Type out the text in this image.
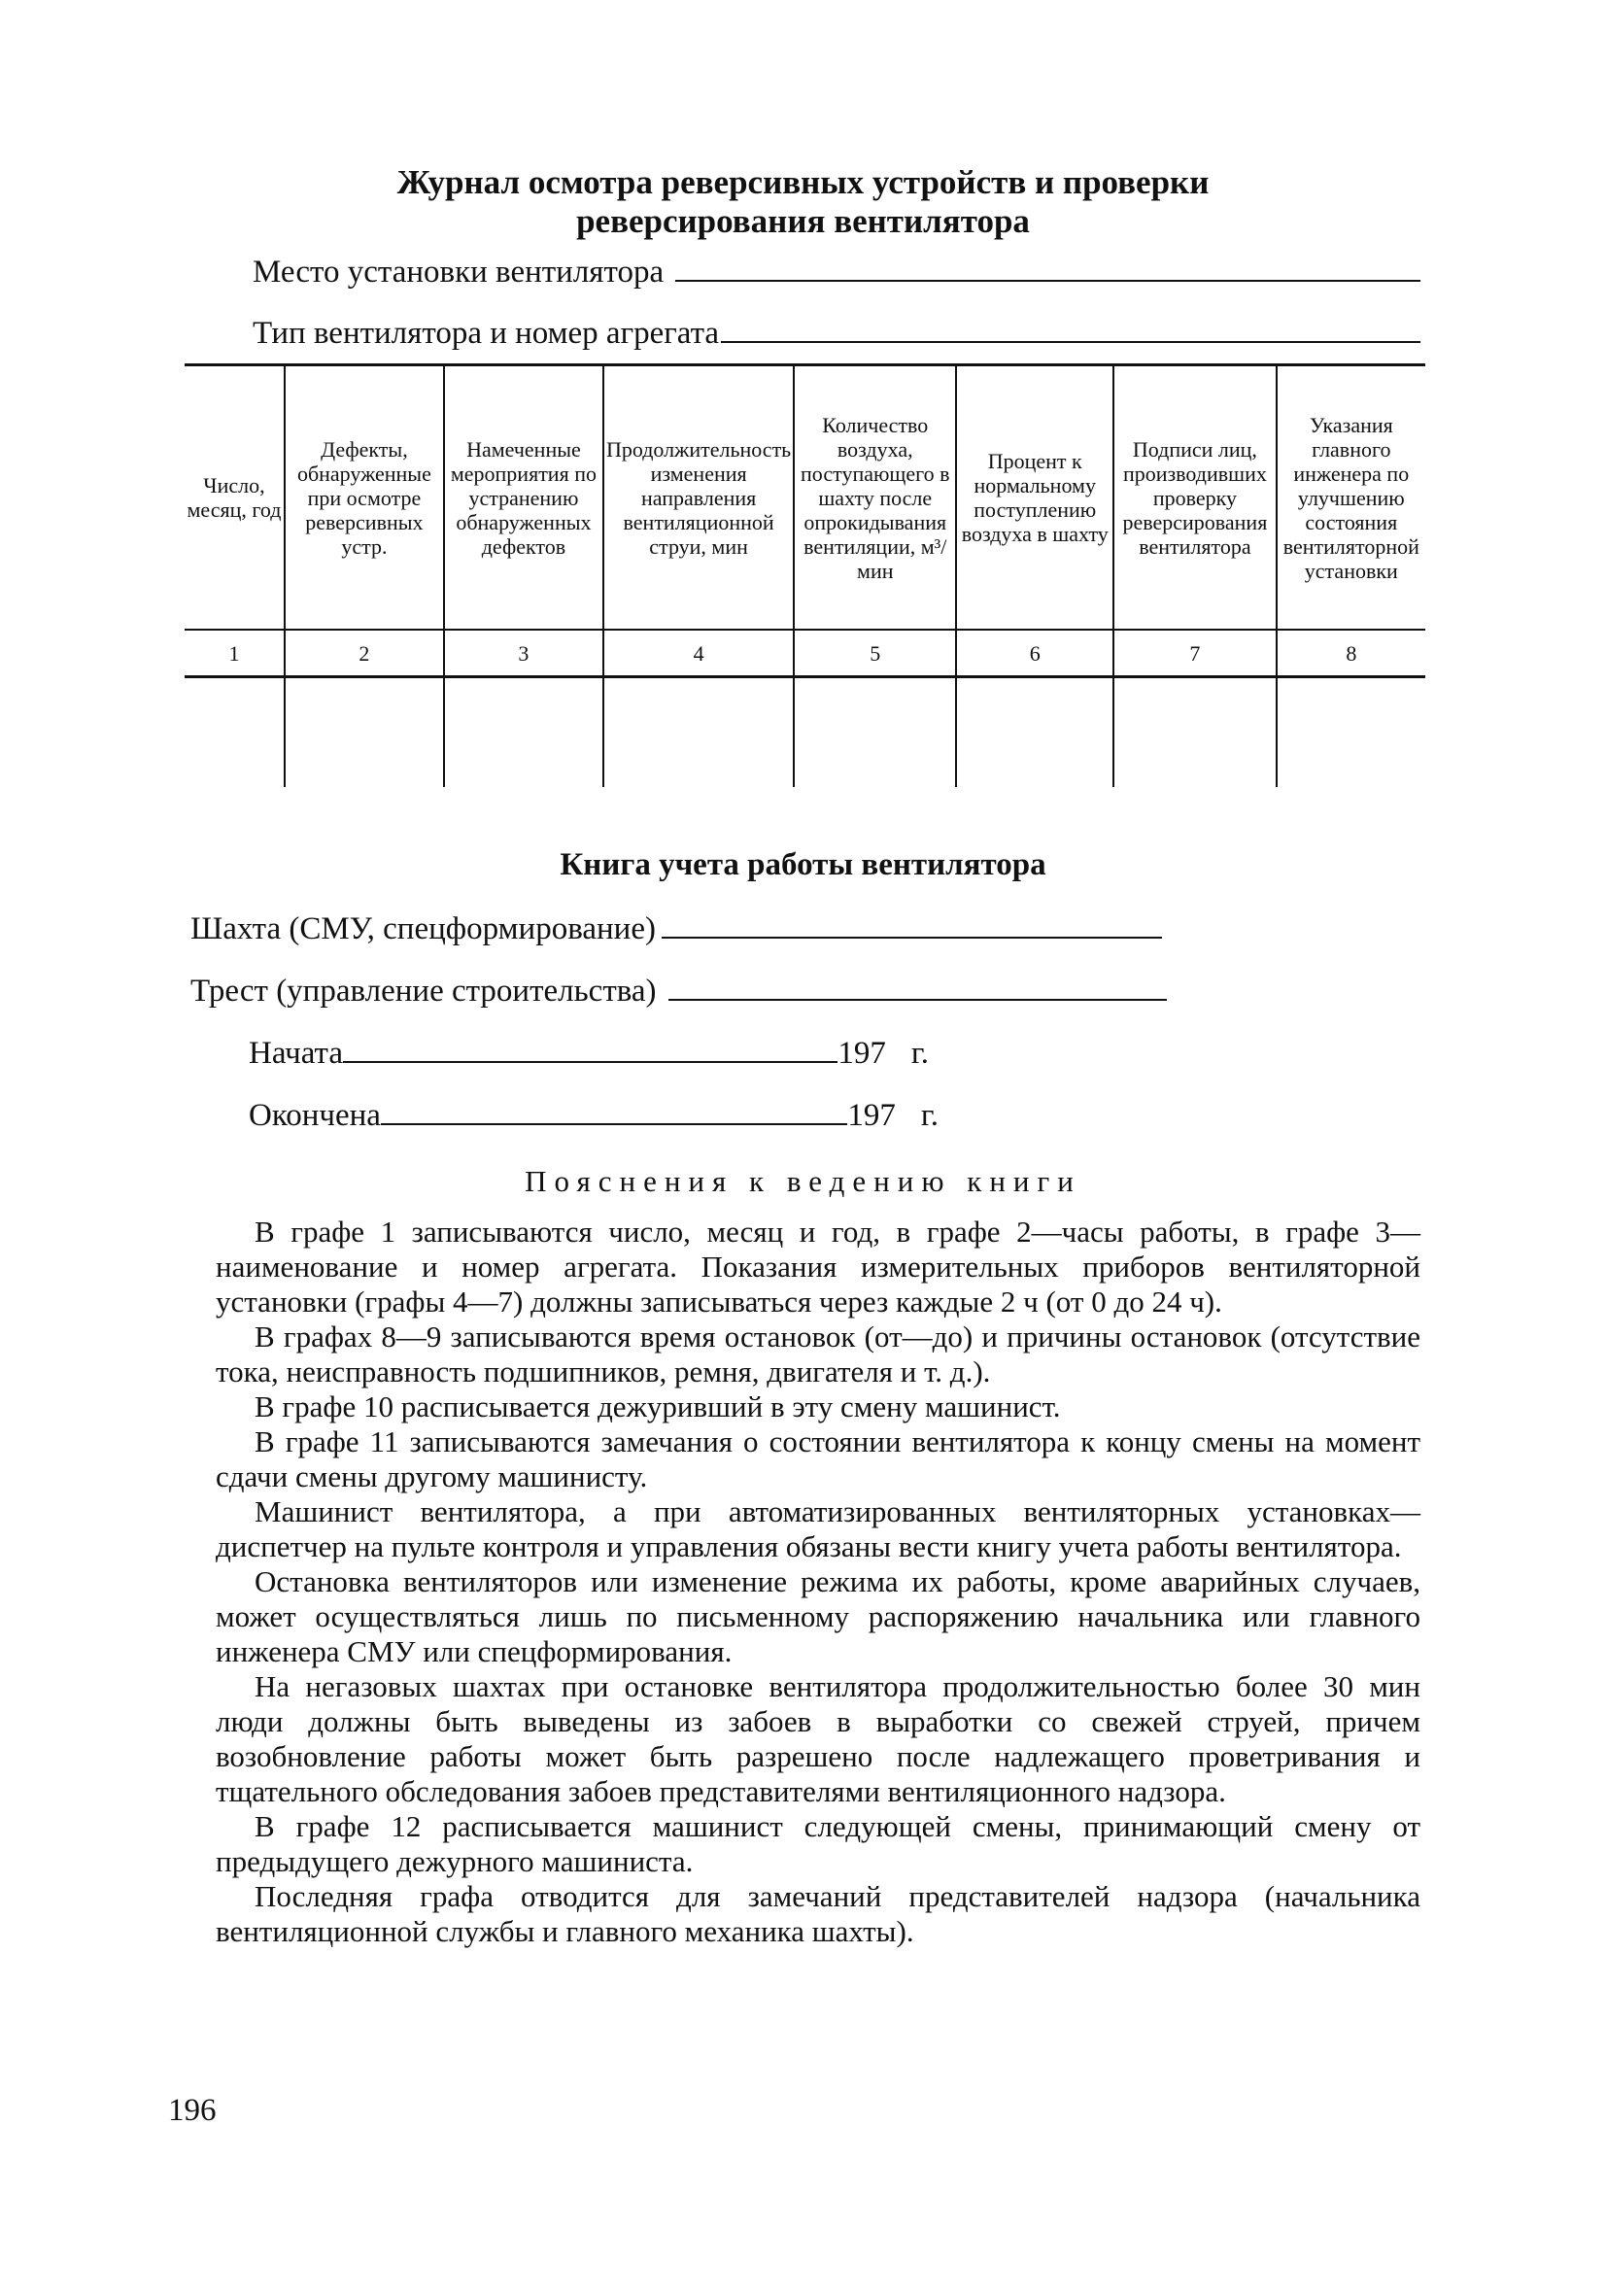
Журнал осмотра реверсивных устройств и проверки
реверсирования вентилятора
Место установки вентилятора
Тип вентилятора и номер агрегата
Число, месяц, год	Дефекты, обнаруженные при осмотре реверсивных устр.	Намеченные мероприятия по устранению обнаруженных дефектов	Продолжительность изменения направления вентиляционной струи, мин	Количество воздуха, поступающего в шахту после опрокидывания вентиляции, м³/мин	Процент к нормальному поступлению воздуха в шахту	Подписи лиц, производивших проверку реверсирования вентилятора	Указания главного инженера по улучшению состояния вентиляторной установки
1	2	3	4	5	6	7	8

Книга учета работы вентилятора
Шахта (СМУ, спецформирование)
Трест (управление строительства)
Начата	197 г.
Окончена	197 г.
Пояснения к ведению книги

В графе 1 записываются число, месяц и год, в графе 2—часы работы, в графе 3—наименование и номер агрегата. Показания измерительных приборов вентиляторной установки (графы 4—7) должны записываться через каждые 2 ч (от 0 до 24 ч).

В графах 8—9 записываются время остановок (от—до) и причины остановок (отсутствие тока, неисправность подшипников, ремня, двигателя и т. д.).

В графе 10 расписывается дежуривший в эту смену машинист.

В графе 11 записываются замечания о состоянии вентилятора к концу смены на момент сдачи смены другому машинисту.

Машинист вентилятора, а при автоматизированных вентиляторных установках—диспетчер на пульте контроля и управления обязаны вести книгу учета работы вентилятора.

Остановка вентиляторов или изменение режима их работы, кроме аварийных случаев, может осуществляться лишь по письменному распоряжению начальника или главного инженера СМУ или спецформирования.

На негазовых шахтах при остановке вентилятора продолжительностью более 30 мин люди должны быть выведены из забоев в выработки со свежей струей, причем возобновление работы может быть разрешено после надлежащего проветривания и тщательного обследования забоев представителями вентиляционного надзора.

В графе 12 расписывается машинист следующей смены, принимающий смену от предыдущего дежурного машиниста.

Последняя графа отводится для замечаний представителей надзора (начальника вентиляционной службы и главного механика шахты).

196
